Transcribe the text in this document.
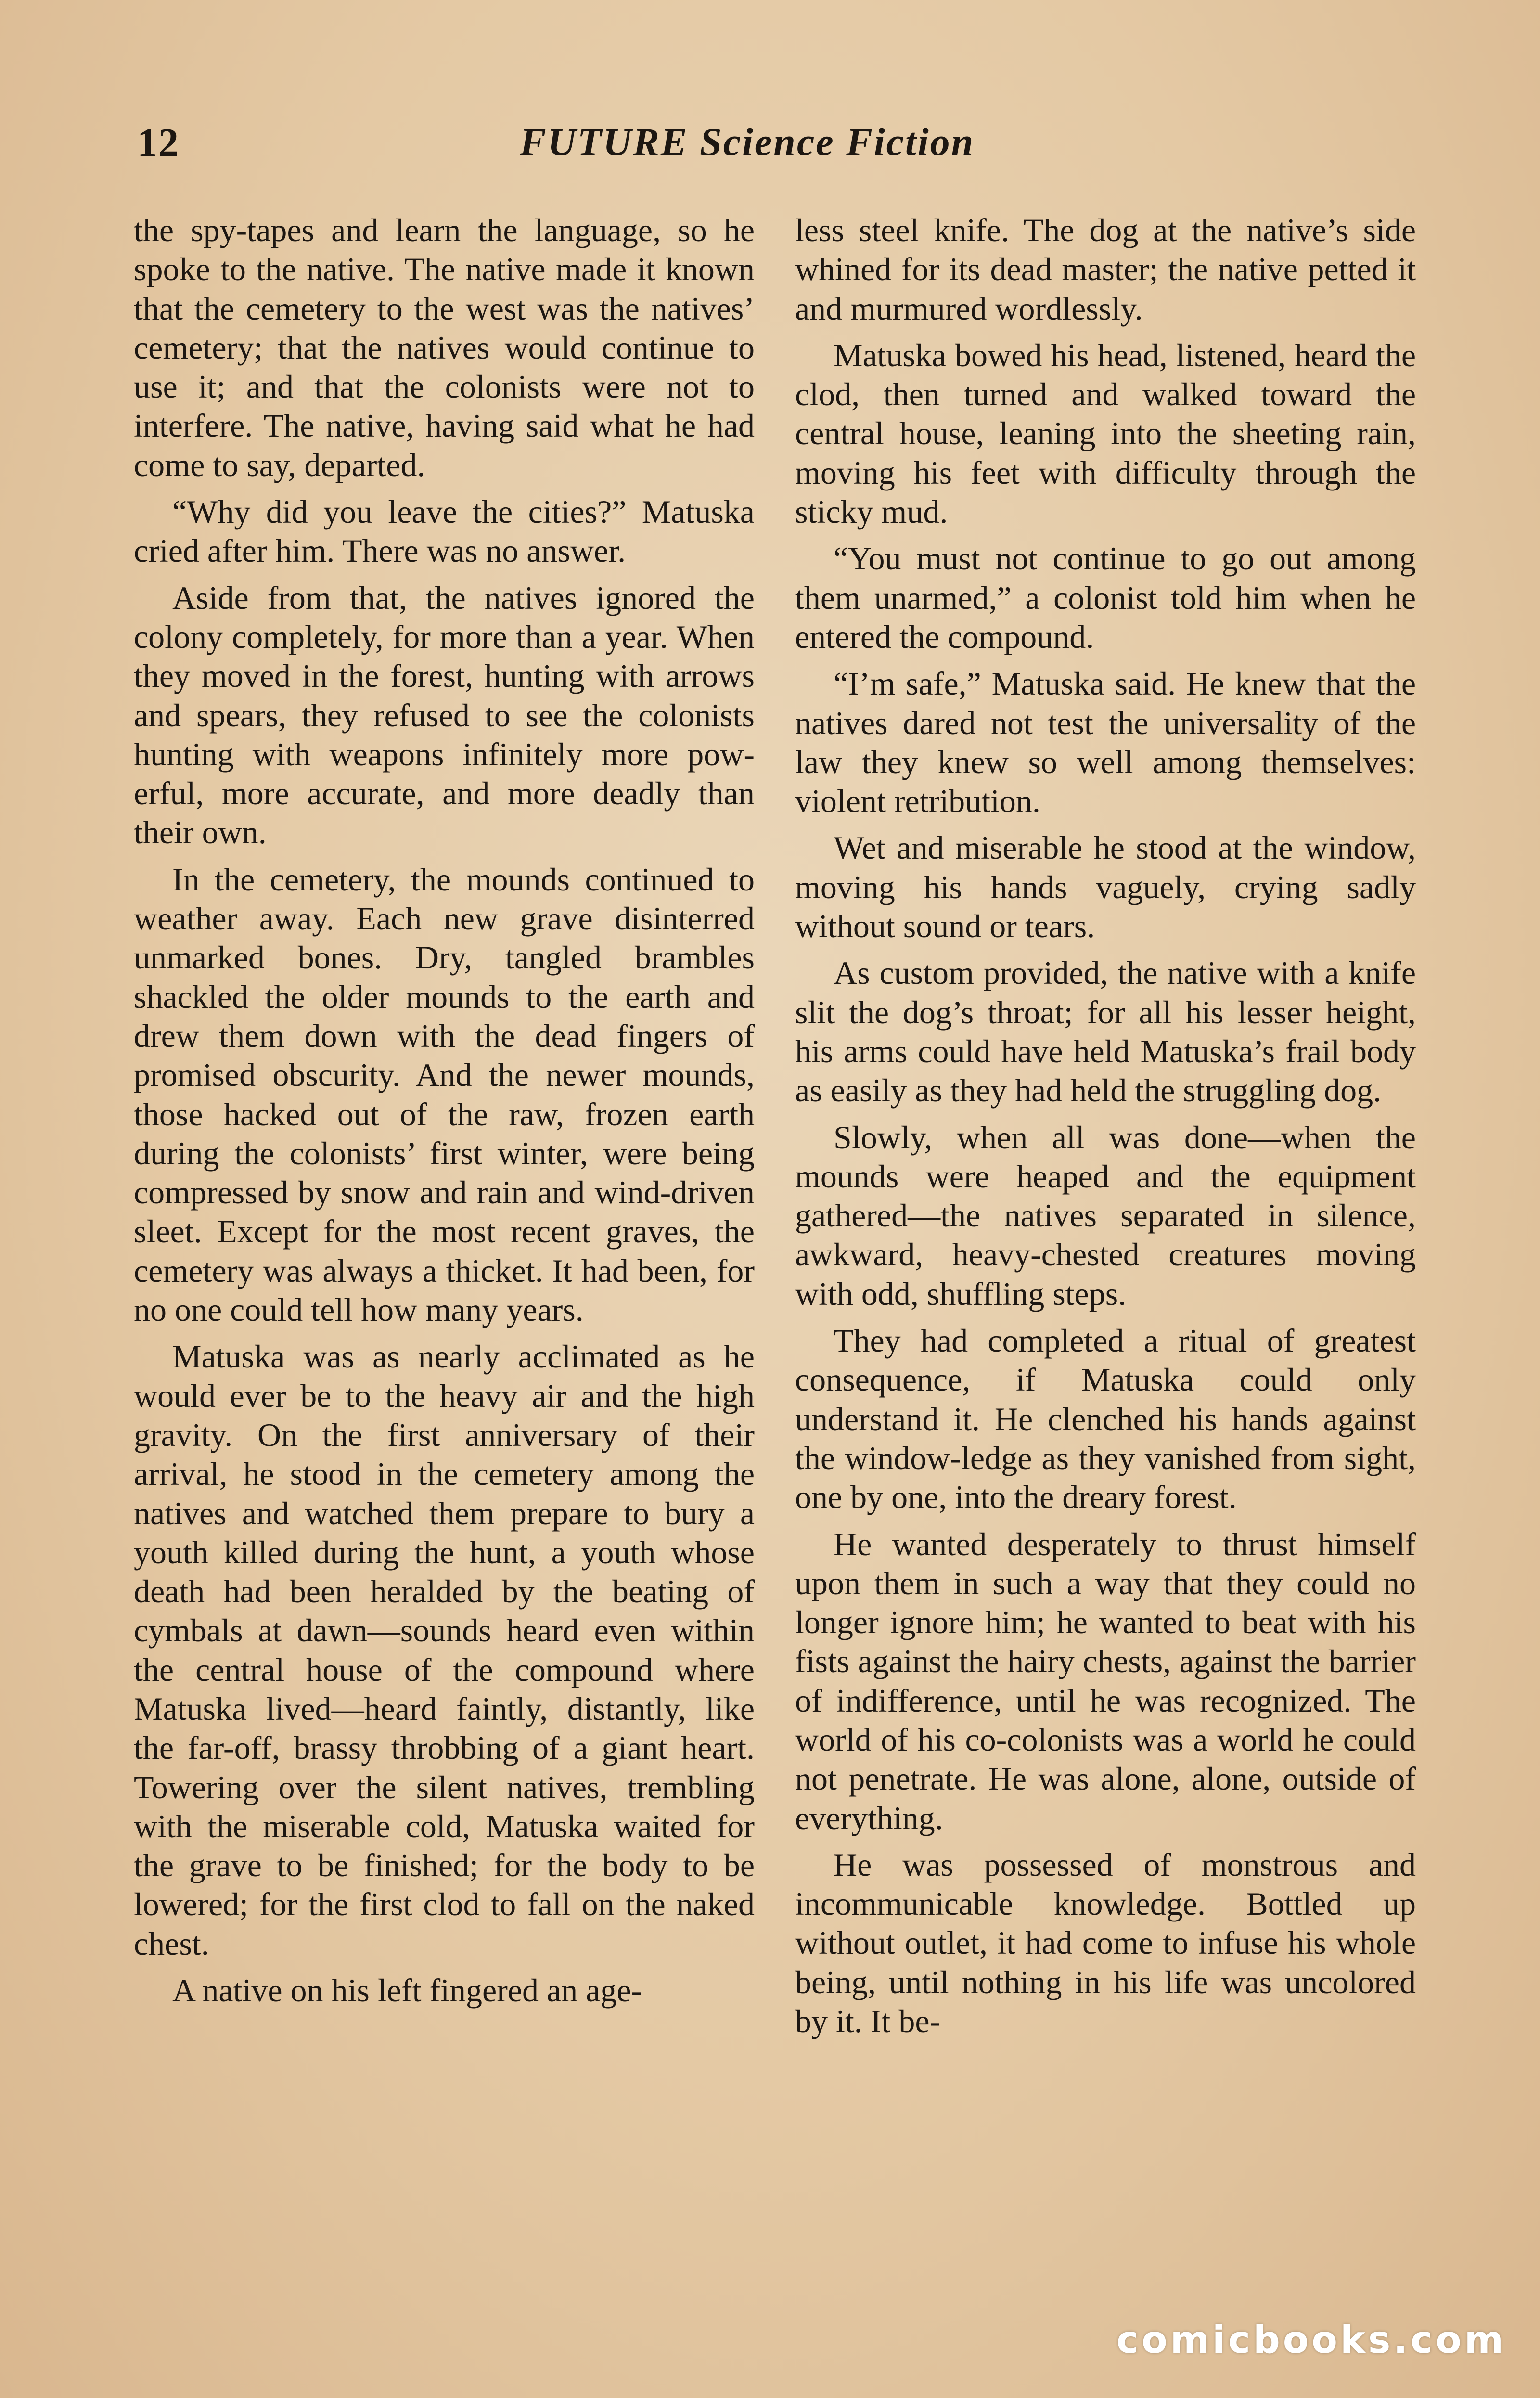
12	FUTURE Science Fiction

the spy-tapes and learn the language, so he spoke to the native. The native made it known that the cemetery to the west was the natives’ cemetery; that the natives would continue to use it; and that the colonists were not to interfere. The native, having said what he had come to say, departed.

“Why did you leave the cities?” Matuska cried after him. There was no answer.

Aside from that, the natives ignored the colony completely, for more than a year. When they moved in the forest, hunting with arrows and spears, they refused to see the colonists hunting with weapons infinitely more powerful, more accurate, and more deadly than their own.

In the cemetery, the mounds continued to weather away. Each new grave disinterred unmarked bones. Dry, tangled brambles shackled the older mounds to the earth and drew them down with the dead fingers of promised obscurity. And the newer mounds, those hacked out of the raw, frozen earth during the colonists’ first winter, were being compressed by snow and rain and wind-driven sleet. Except for the most recent graves, the cemetery was always a thicket. It had been, for no one could tell how many years.

Matuska was as nearly acclimated as he would ever be to the heavy air and the high gravity. On the first anniversary of their arrival, he stood in the cemetery among the natives and watched them prepare to bury a youth killed during the hunt, a youth whose death had been heralded by the beating of cymbals at dawn—sounds heard even within the central house of the compound where Matuska lived—heard faintly, distantly, like the far-off, brassy throbbing of a giant heart. Towering over the silent natives, trembling with the miserable cold, Matuska waited for the grave to be finished; for the body to be lowered; for the first clod to fall on the naked chest.

A native on his left fingered an age-

less steel knife. The dog at the native’s side whined for its dead master; the native petted it and murmured wordlessly.

Matuska bowed his head, listened, heard the clod, then turned and walked toward the central house, leaning into the sheeting rain, moving his feet with difficulty through the sticky mud.

“You must not continue to go out among them unarmed,” a colonist told him when he entered the compound.

“I’m safe,” Matuska said. He knew that the natives dared not test the universality of the law they knew so well among themselves: violent retribution.

Wet and miserable he stood at the window, moving his hands vaguely, crying sadly without sound or tears.

As custom provided, the native with a knife slit the dog’s throat; for all his lesser height, his arms could have held Matuska’s frail body as easily as they had held the struggling dog.

Slowly, when all was done—when the mounds were heaped and the equipment gathered—the natives separated in silence, awkward, heavy-chested creatures moving with odd, shuffling steps.

They had completed a ritual of greatest consequence, if Matuska could only understand it. He clenched his hands against the window-ledge as they vanished from sight, one by one, into the dreary forest.

He wanted desperately to thrust himself upon them in such a way that they could no longer ignore him; he wanted to beat with his fists against the hairy chests, against the barrier of indifference, until he was recognized. The world of his co-colonists was a world he could not penetrate. He was alone, alone, outside of everything.

He was possessed of monstrous and incommunicable knowledge. Bottled up without outlet, it had come to infuse his whole being, until nothing in his life was uncolored by it. It be-

comicbooks.com
